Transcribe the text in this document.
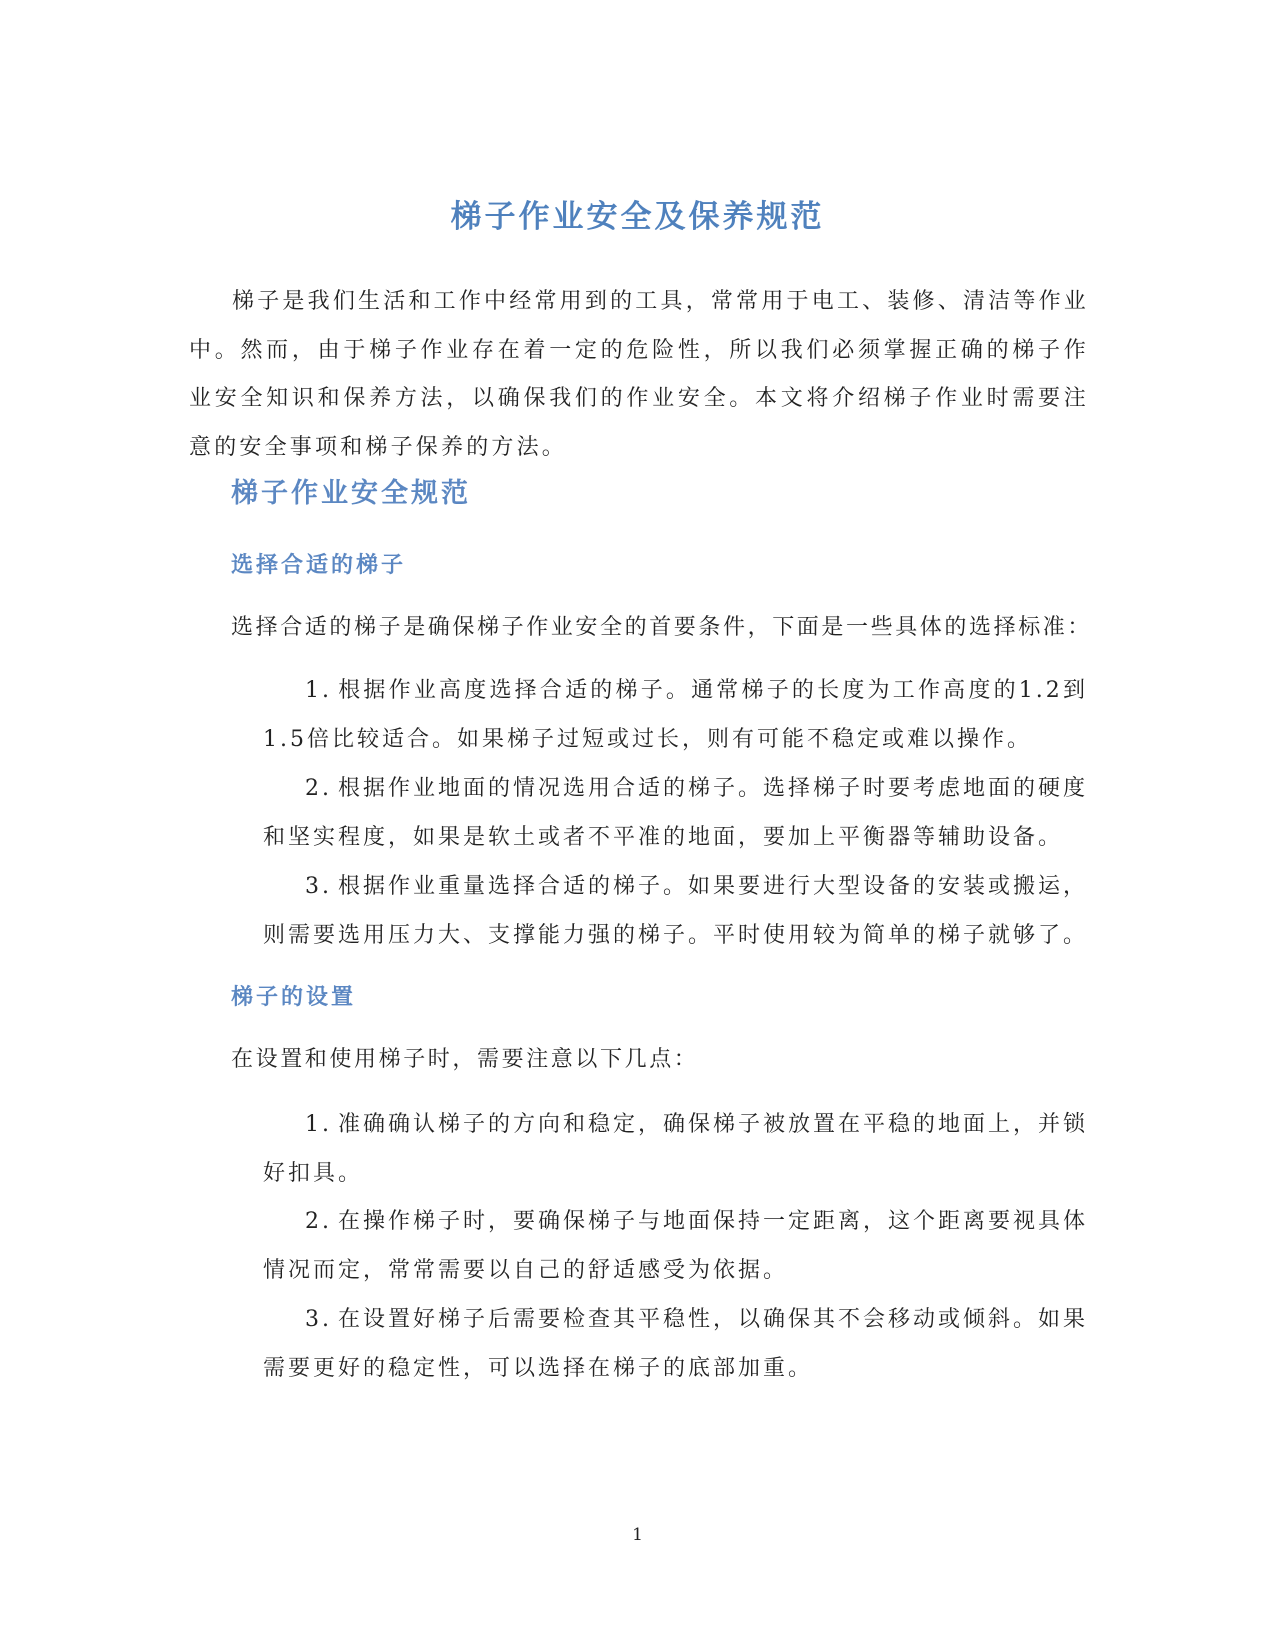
梯子作业安全及保养规范

梯子是我们生活和工作中经常用到的工具，常常用于电工、装修、清洁等作业中。然而，由于梯子作业存在着一定的危险性，所以我们必须掌握正确的梯子作业安全知识和保养方法，以确保我们的作业安全。本文将介绍梯子作业时需要注意的安全事项和梯子保养的方法。

梯子作业安全规范
选择合适的梯子

选择合适的梯子是确保梯子作业安全的首要条件，下面是一些具体的选择标准：

1. 根据作业高度选择合适的梯子。通常梯子的长度为工作高度的1.2到1.5倍比较适合。如果梯子过短或过长，则有可能不稳定或难以操作。
2. 根据作业地面的情况选用合适的梯子。选择梯子时要考虑地面的硬度和坚实程度，如果是软土或者不平准的地面，要加上平衡器等辅助设备。
3. 根据作业重量选择合适的梯子。如果要进行大型设备的安装或搬运，则需要选用压力大、支撑能力强的梯子。平时使用较为简单的梯子就够了。
梯子的设置

在设置和使用梯子时，需要注意以下几点：

1. 准确确认梯子的方向和稳定，确保梯子被放置在平稳的地面上，并锁好扣具。
2. 在操作梯子时，要确保梯子与地面保持一定距离，这个距离要视具体情况而定，常常需要以自己的舒适感受为依据。
3. 在设置好梯子后需要检查其平稳性，以确保其不会移动或倾斜。如果需要更好的稳定性，可以选择在梯子的底部加重。
1
